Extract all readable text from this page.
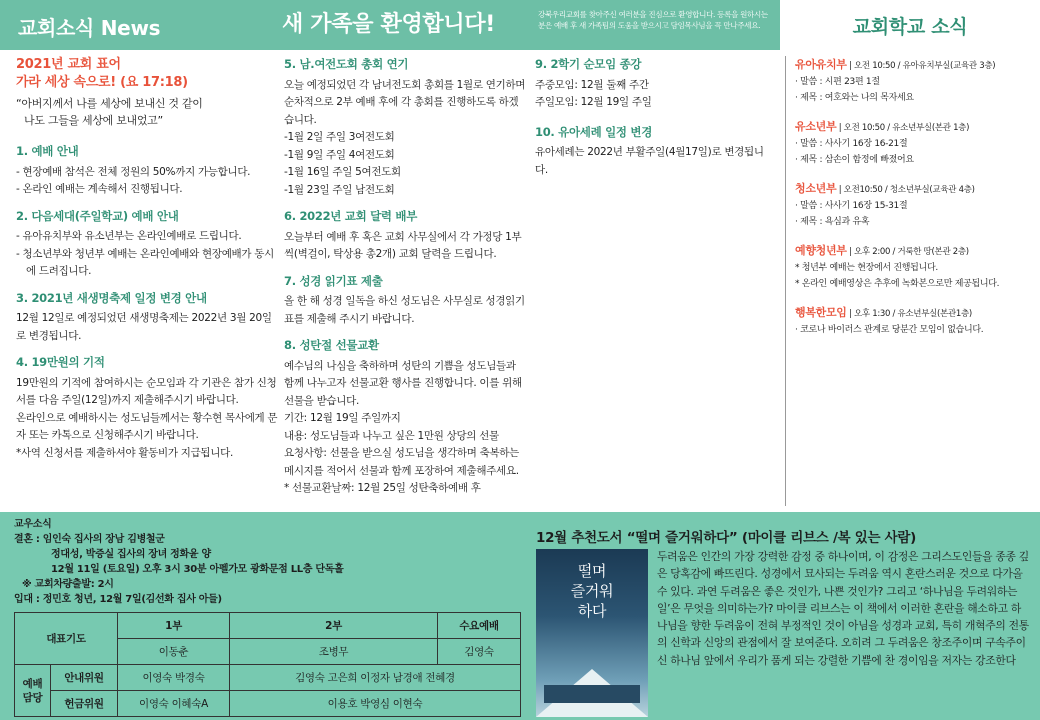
교회소식 News	새 가족을 환영합니다!	강북우리교회를 찾아주신 여러분을 진심으로 환영합니다. 등록을 원하시는 분은 예배 후 새 가족팀의 도움을 받으시고 담임목사님을 꼭 만나주세요.	교회학교 소식
2021년 교회 표어
가라 세상 속으로! (요 17:18)

“아버지께서 나를 세상에 보내신 것 같이

나도 그들을 세상에 보내었고”

1. 예배 안내

- 현장예배 참석은 전체 정원의 50%까지 가능합니다.

- 온라인 예배는 계속해서 진행됩니다.

2. 다음세대(주일학교) 예배 안내

- 유아유치부와 유소년부는 온라인예배로 드립니다.

- 청소년부와 청년부 예배는 온라인예배와 현장예배가 동시에 드려집니다.

3. 2021년 새생명축제 일정 변경 안내

12월 12일로 예정되었던 새생명축제는 2022년 3월 20일로 변경됩니다.

4. 19만원의 기적

19만원의 기적에 참여하시는 순모임과 각 기관은 참가 신청서를 다음 주일(12일)까지 제출해주시기 바랍니다.

온라인으로 예배하시는 성도님들께서는 황수현 목사에게 문자 또는 카톡으로 신청해주시기 바랍니다.

*사역 신청서를 제출하셔야 활동비가 지급됩니다.

5. 남.여전도회 총회 연기

오늘 예정되었던 각 남녀전도회 총회를 1월로 연기하며 순차적으로 2부 예배 후에 각 총회를 진행하도록 하겠습니다.

-1월 2일 주일 3여전도회

-1월 9일 주일 4여전도회

-1월 16일 주일 5여전도회

-1월 23일 주일 남전도회

6. 2022년 교회 달력 배부

오늘부터 예배 후 혹은 교회 사무실에서 각 가정당 1부씩(벽걸이, 탁상용 총2개) 교회 달력을 드립니다.

7. 성경 읽기표 제출

올 한 해 성경 일독을 하신 성도님은 사무실로 성경읽기표를 제출해 주시기 바랍니다.

8. 성탄절 선물교환

예수님의 나심을 축하하며 성탄의 기쁨을 성도님들과 함께 나누고자 선물교환 행사를 진행합니다. 이를 위해 선물을 받습니다.

기간: 12월 19일 주일까지

내용: 성도님들과 나누고 싶은 1만원 상당의 선물

요청사항: 선물을 받으실 성도님을 생각하며 축복하는 메시지를 적어서 선물과 함께 포장하여 제출해주세요.

* 선물교환날짜: 12월 25일 성탄축하예배 후

9. 2학기 순모임 종강

주중모임: 12월 둘째 주간

주일모임: 12월 19일 주일

10. 유아세례 일정 변경

유아세례는 2022년 부활주일(4월17일)로 변경됩니다.

유아유치부 | 오전 10:50 / 유아유치부실(교육관 3층)
· 말씀 : 시편 23편 1절
· 제목 : 여호와는 나의 목자세요
유소년부 | 오전 10:50 / 유소년부실(본관 1층)
· 말씀 : 사사기 16장 16-21절
· 제목 : 삼손이 함정에 빠졌어요
청소년부 | 오전10:50 / 청소년부실(교육관 4층)
· 말씀 : 사사기 16장 15-31절
· 제목 : 욕심과 유혹
예향청년부 | 오후 2:00 / 거룩한 땅(본관 2층)
* 청년부 예배는 현장에서 진행됩니다.
* 온라인 예배영상은 추후에 녹화본으로만 제공됩니다.
행복한모임 | 오후 1:30 / 유소년부실(본관1층)
· 코로나 바이러스 관계로 당분간 모임이 없습니다.
교우소식
결혼 : 임인숙 집사의 장남 김병철군
정대성, 박증실 집사의 장녀 정화윤 양
12월 11일 (토요일) 오후 3시 30분 아펠가모 광화문점 LL층 단독홀
※ 교회차량출발: 2시
입대 : 정민호 청년, 12월 7일(김선화 집사 아들)
대표기도		1부	2부	수요예배
		이동춘	조병무	김영숙
예배
담당	안내위원	이영숙 박경숙	김영숙 고은희 이정자 남경애 전혜경	
	헌금위원	이영숙 이혜숙A	이용호 박영심 이현숙	
12월 추천도서 “떨며 즐거워하다” (마이클 리브스 /복 있는 사람)
떨며
즐거워
하다
두려움은 인간의 가장 강력한 감정 중 하나이며, 이 감정은 그리스도인들을 종종 깊은 당혹감에 빠뜨린다. 성경에서 묘사되는 두려움 역시 혼란스러운 것으로 다가올 수 있다. 과연 두려움은 좋은 것인가, 나쁜 것인가? 그리고 ‘하나님을 두려워하는 일’은 무엇을 의미하는가? 마이클 리브스는 이 책에서 이러한 혼란을 해소하고 하나님을 향한 두려움이 전혀 부정적인 것이 아님을 성경과 교회, 특히 개혁주의 전통의 신학과 신앙의 관점에서 잘 보여준다. 오히려 그 두려움은 창조주이며 구속주이신 하나님 앞에서 우리가 품게 되는 강렬한 기쁨에 찬 경이임을 저자는 강조한다
